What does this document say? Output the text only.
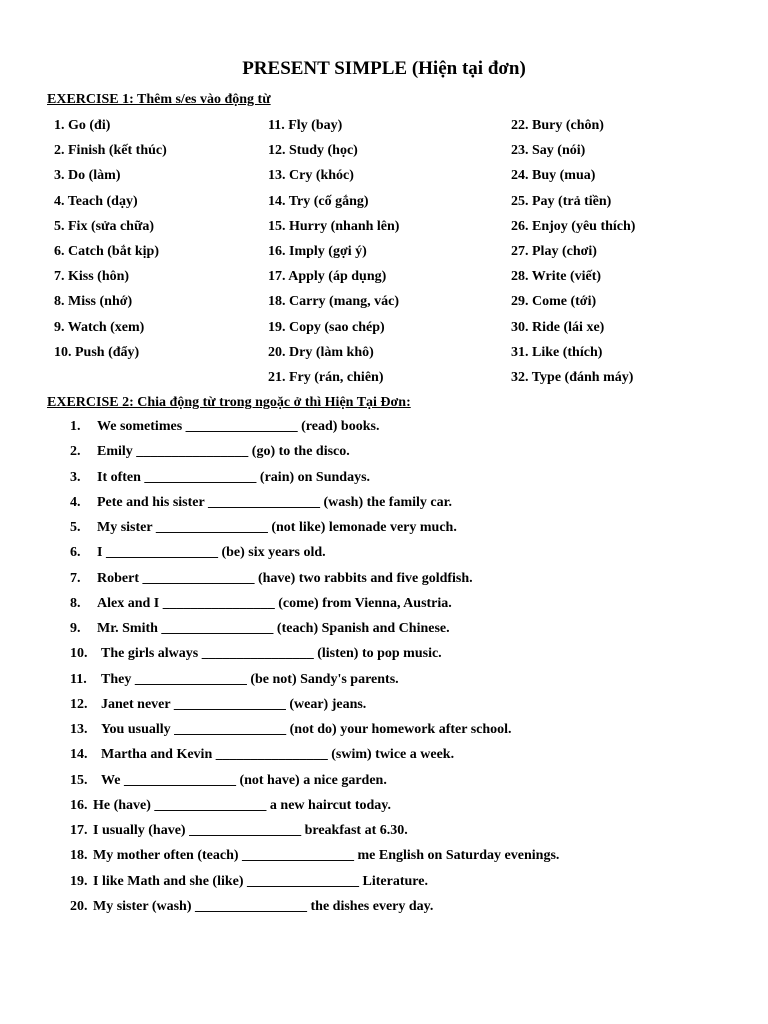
PRESENT SIMPLE (Hiện tại đơn)

EXERCISE 1: Thêm s/es vào động từ

1. Go (đi)
2. Finish (kết thúc)
3. Do (làm)
4. Teach (dạy)
5. Fix (sửa chữa)
6. Catch (bắt kịp)
7. Kiss (hôn)
8. Miss (nhớ)
9. Watch (xem)
10. Push (đẩy)
11. Fly (bay)
12. Study (học)
13. Cry (khóc)
14. Try (cố gắng)
15. Hurry (nhanh lên)
16. Imply (gợi ý)
17. Apply (áp dụng)
18. Carry (mang, vác)
19. Copy (sao chép)
20. Dry (làm khô)
21. Fry (rán, chiên)
22. Bury (chôn)
23. Say (nói)
24. Buy (mua)
25. Pay (trả tiền)
26. Enjoy (yêu thích)
27. Play (chơi)
28. Write (viết)
29. Come (tới)
30. Ride (lái xe)
31. Like (thích)
32. Type (đánh máy)

EXERCISE 2: Chia động từ trong ngoặc ở thì Hiện Tại Đơn:

1. We sometimes ________________ (read) books.
2. Emily ________________ (go) to the disco.
3. It often ________________ (rain) on Sundays.
4. Pete and his sister ________________ (wash) the family car.
5. My sister ________________ (not like) lemonade very much.
6. I ________________ (be) six years old.
7. Robert ________________ (have) two rabbits and five goldfish.
8. Alex and I ________________ (come) from Vienna, Austria.
9. Mr. Smith ________________ (teach) Spanish and Chinese.
10. The girls always ________________ (listen) to pop music.
11. They ________________ (be not) Sandy's parents.
12. Janet never ________________ (wear) jeans.
13. You usually ________________ (not do) your homework after school.
14. Martha and Kevin ________________ (swim) twice a week.
15. We ________________ (not have) a nice garden.
16. He (have) ________________ a new haircut today.
17. I usually (have) ________________ breakfast at 6.30.
18. My mother often (teach) ________________ me English on Saturday evenings.
19. I like Math and she (like) ________________ Literature.
20. My sister (wash) ________________ the dishes every day.
